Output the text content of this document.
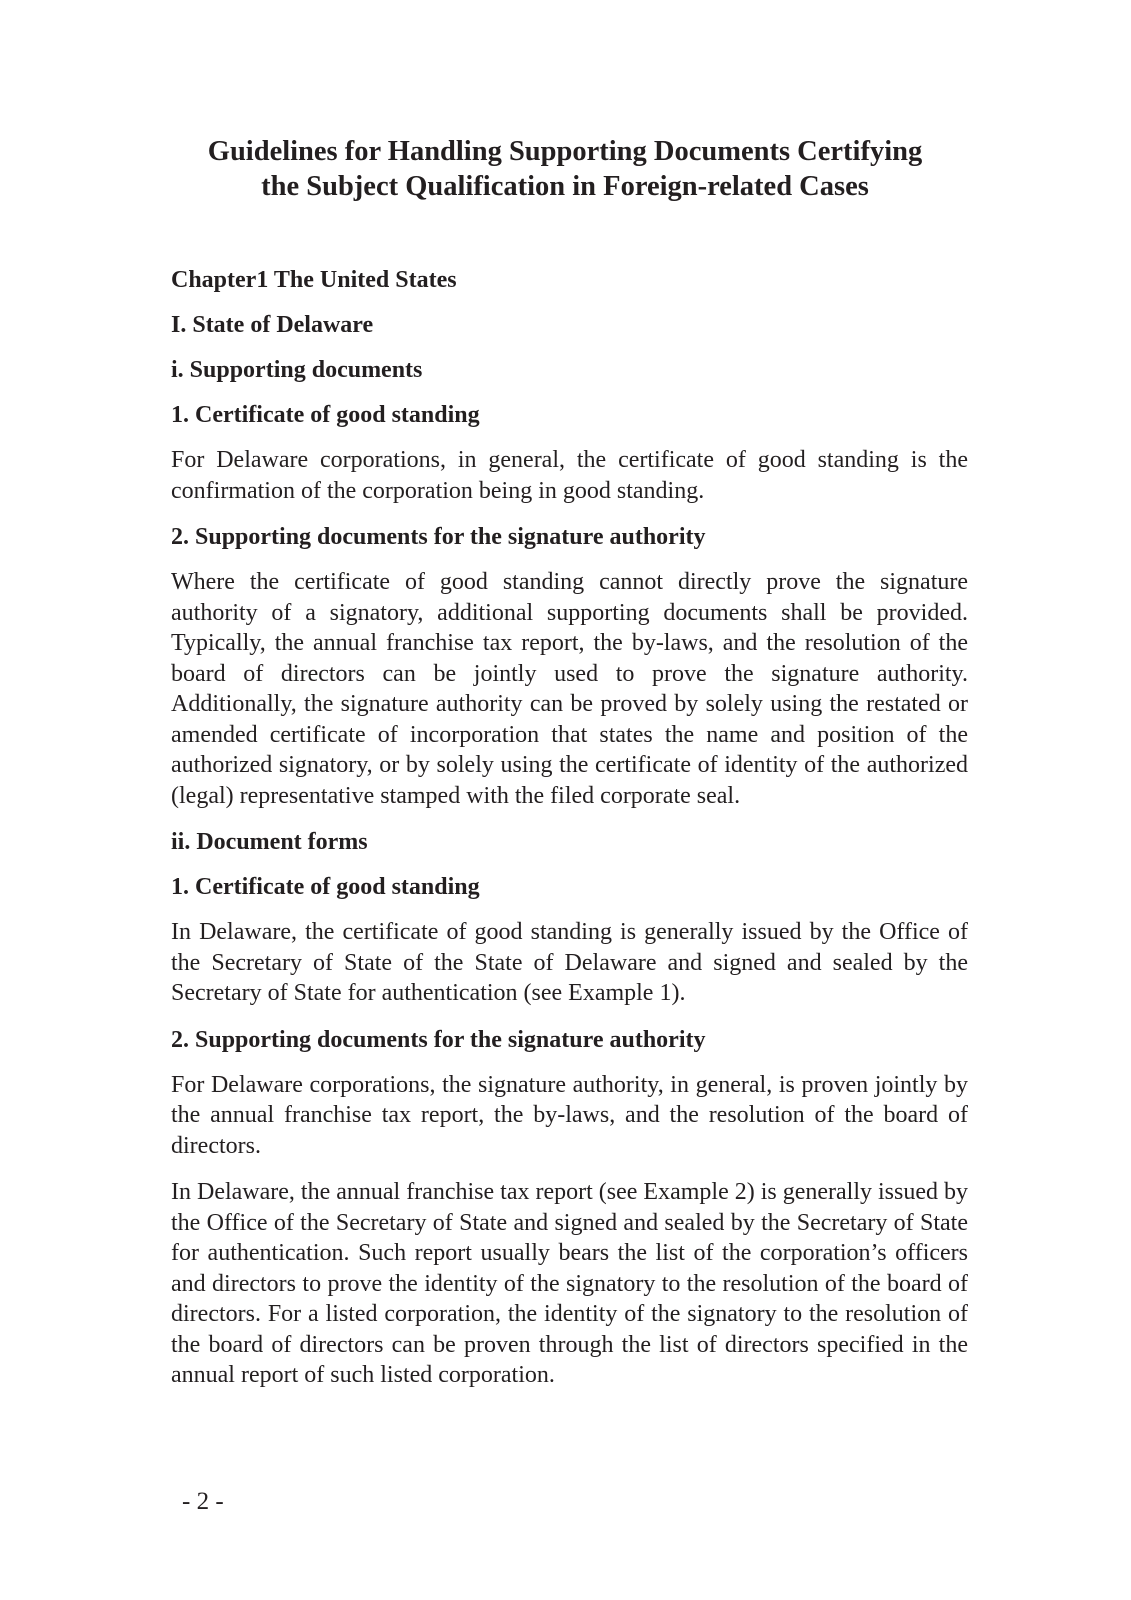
Guidelines for Handling Supporting Documents Certifying
the Subject Qualification in Foreign-related Cases
Chapter1 The United States
I. State of Delaware
i. Supporting documents
1. Certificate of good standing
For Delaware corporations, in general, the certificate of good standing is the confirmation of the corporation being in good standing.
2. Supporting documents for the signature authority
Where the certificate of good standing cannot directly prove the signature authority of a signatory, additional supporting documents shall be provided. Typically, the annual franchise tax report, the by-laws, and the resolution of the board of directors can be jointly used to prove the signature authority. Additionally, the signature authority can be proved by solely using the restated or amended certificate of incorporation that states the name and position of the authorized signatory, or by solely using the certificate of identity of the authorized (legal) representative stamped with the filed corporate seal.
ii. Document forms
1. Certificate of good standing
In Delaware, the certificate of good standing is generally issued by the Office of the Secretary of State of the State of Delaware and signed and sealed by the Secretary of State for authentication (see Example 1).
2. Supporting documents for the signature authority
For Delaware corporations, the signature authority, in general, is proven jointly by the annual franchise tax report, the by-laws, and the resolution of the board of directors.
In Delaware, the annual franchise tax report (see Example 2) is generally issued by the Office of the Secretary of State and signed and sealed by the Secretary of State for authentication. Such report usually bears the list of the corporation’s officers and directors to prove the identity of the signatory to the resolution of the board of directors. For a listed corporation, the identity of the signatory to the resolution of the board of directors can be proven through the list of directors specified in the annual report of such listed corporation.
- 2 -
